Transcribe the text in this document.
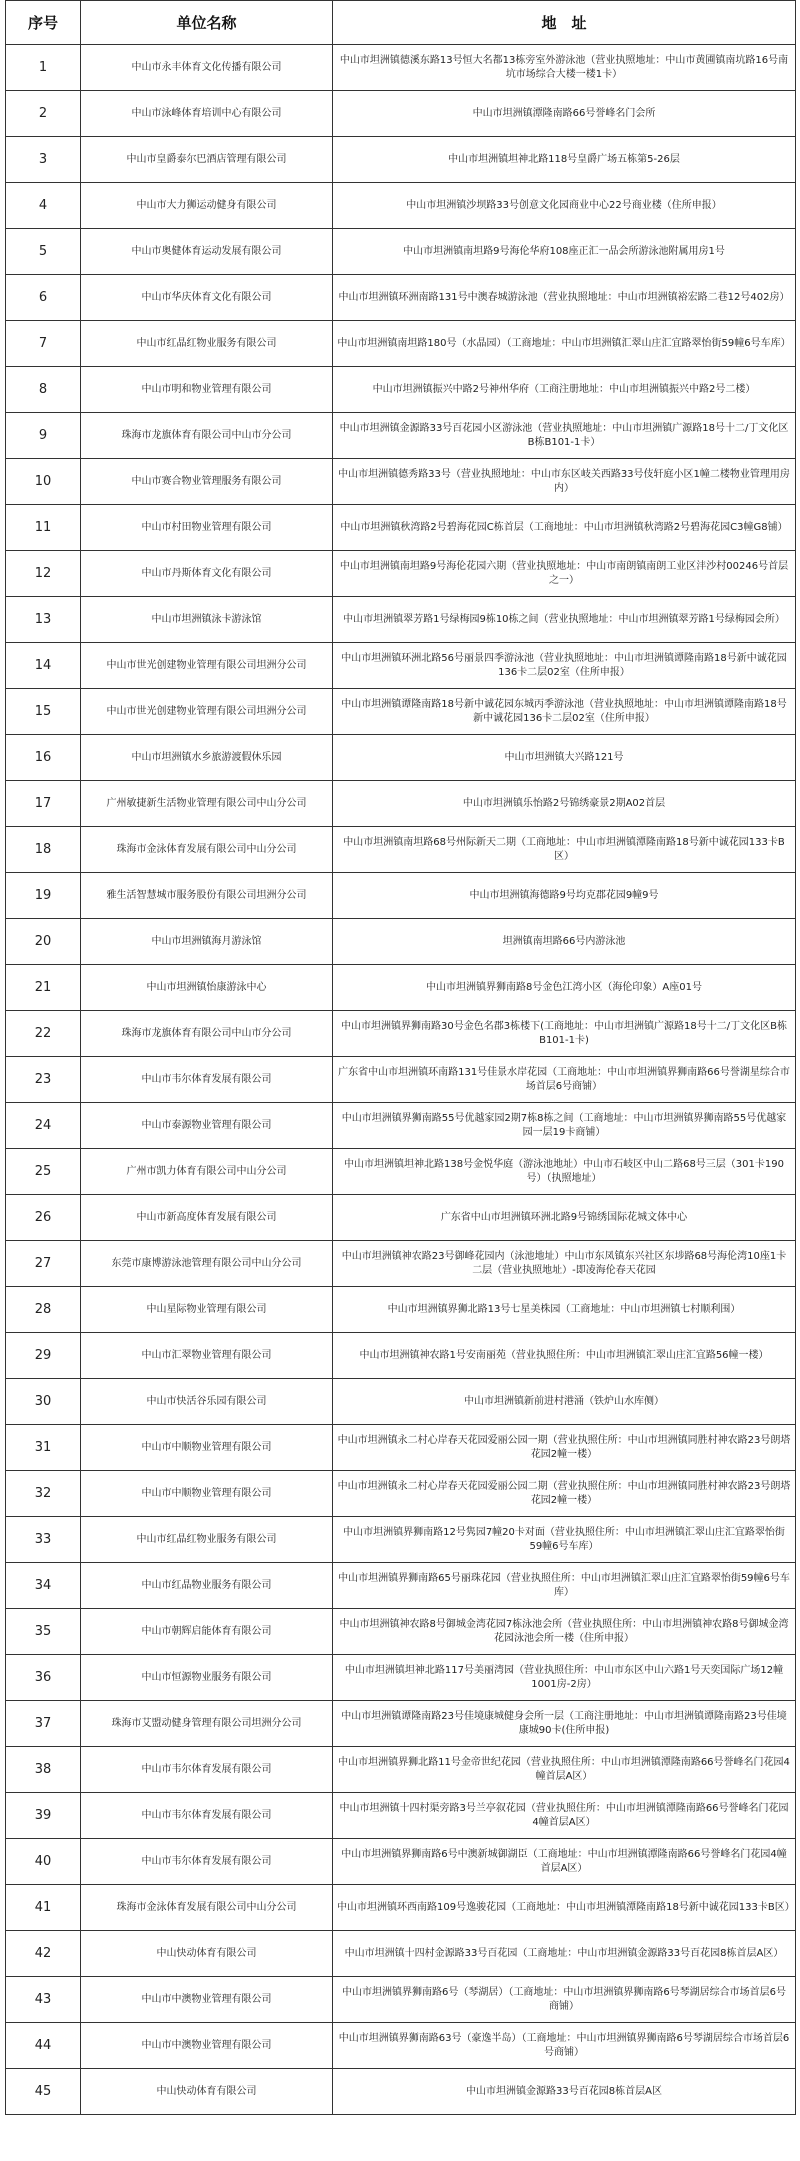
序号	单位名称	地　址
1	中山市永丰体育文化传播有限公司	中山市坦洲镇德溪东路13号恒大名都13栋旁室外游泳池（营业执照地址：中山市黄圃镇南坑路16号南坑市场综合大楼一楼1卡）
2	中山市泳峰体育培训中心有限公司	中山市坦洲镇潭隆南路66号誉峰名门会所
3	中山市皇爵泰尔巴酒店管理有限公司	中山市坦洲镇坦神北路118号皇爵广场五栋第5-26层
4	中山市大力狮运动健身有限公司	中山市坦洲镇沙坝路33号创意文化园商业中心22号商业楼（住所申报）
5	中山市奥健体育运动发展有限公司	中山市坦洲镇南坦路9号海伦华府108座正汇一品会所游泳池附属用房1号
6	中山市华庆体育文化有限公司	中山市坦洲镇环洲南路131号中澳春城游泳池（营业执照地址：中山市坦洲镇裕宏路二巷12号402房）
7	中山市红晶红物业服务有限公司	中山市坦洲镇南坦路180号（水晶园）（工商地址：中山市坦洲镇汇翠山庄汇宜路翠怡街59幢6号车库）
8	中山市明和物业管理有限公司	中山市坦洲镇振兴中路2号神州华府（工商注册地址：中山市坦洲镇振兴中路2号二楼）
9	珠海市龙旗体育有限公司中山市分公司	中山市坦洲镇金源路33号百花园小区游泳池（营业执照地址：中山市坦洲镇广源路18号十二/丁文化区B栋B101-1卡）
10	中山市赛合物业管理服务有限公司	中山市坦洲镇德秀路33号（营业执照地址：中山市东区岐关西路33号伎轩庭小区1幢二楼物业管理用房内）
11	中山市村田物业管理有限公司	中山市坦洲镇秋湾路2号碧海花园C栋首层（工商地址：中山市坦洲镇秋湾路2号碧海花园C3幢G8铺）
12	中山市丹斯体育文化有限公司	中山市坦洲镇南坦路9号海伦花园六期（营业执照地址：中山市南朗镇南朗工业区沣沙村00246号首层之一）
13	中山市坦洲镇泳卡游泳馆	中山市坦洲镇翠芳路1号绿梅园9栋10栋之间（营业执照地址：中山市坦洲镇翠芳路1号绿梅园会所）
14	中山市世光创建物业管理有限公司坦洲分公司	中山市坦洲镇环洲北路56号丽景四季游泳池（营业执照地址：中山市坦洲镇谭隆南路18号新中诚花园136卡二层02室（住所申报）
15	中山市世光创建物业管理有限公司坦洲分公司	中山市坦洲镇谭隆南路18号新中诚花园东城丙季游泳池（营业执照地址：中山市坦洲镇谭隆南路18号新中诚花园136卡二层02室（住所申报）
16	中山市坦洲镇水乡旅游渡假休乐园	中山市坦洲镇大兴路121号
17	广州敏捷新生活物业管理有限公司中山分公司	中山市坦洲镇乐怡路2号锦绣豪景2期A02首层
18	珠海市金泳体育发展有限公司中山分公司	中山市坦洲镇南坦路68号州际新天二期（工商地址：中山市坦洲镇潭隆南路18号新中诚花园133卡B区）
19	雅生活智慧城市服务股份有限公司坦洲分公司	中山市坦洲镇海德路9号均克郡花园9幢9号
20	中山市坦洲镇海月游泳馆	坦洲镇南坦路66号内游泳池
21	中山市坦洲镇怡康游泳中心	中山市坦洲镇界狮南路8号金色江湾小区（海伦印象）A座01号
22	珠海市龙旗体育有限公司中山市分公司	中山市坦洲镇界狮南路30号金色名郡3栋楼下(工商地址：中山市坦洲镇广源路18号十二/丁文化区B栋B101-1卡)
23	中山市韦尔体育发展有限公司	广东省中山市坦洲镇环南路131号佳景水岸花园（工商地址：中山市坦洲镇界狮南路66号誉湖星综合市场首层6号商铺）
24	中山市泰源物业管理有限公司	中山市坦洲镇界狮南路55号优越家园2期7栋8栋之间（工商地址：中山市坦洲镇界狮南路55号优越家园一层19卡商铺）
25	广州市凯力体育有限公司中山分公司	中山市坦洲镇坦神北路138号金悦华庭（游泳池地址）中山市石岐区中山二路68号三层（301卡190号）（执照地址）
26	中山市新高度体育发展有限公司	广东省中山市坦洲镇环洲北路9号锦绣国际花城文体中心
27	东莞市康博游泳池管理有限公司中山分公司	中山市坦洲镇神农路23号御峰花园内（泳池地址）中山市东凤镇东兴社区东埗路68号海伦湾10座1卡二层（营业执照地址）-即凌海伦春天花园
28	中山星际物业管理有限公司	中山市坦洲镇界狮北路13号七星美株园（工商地址：中山市坦洲镇七村顺利围）
29	中山市汇翠物业管理有限公司	中山市坦洲镇神农路1号安南丽苑（营业执照住所：中山市坦洲镇汇翠山庄汇宜路56幢一楼）
30	中山市快活谷乐园有限公司	中山市坦洲镇新前进村港涌（铁炉山水库侧）
31	中山市中顺物业管理有限公司	中山市坦洲镇永二村心岸春天花园爱丽公园一期（营业执照住所：中山市坦洲镇同胜村神农路23号朗塔花园2幢一楼）
32	中山市中顺物业管理有限公司	中山市坦洲镇永二村心岸春天花园爱丽公园二期（营业执照住所：中山市坦洲镇同胜村神农路23号朗塔花园2幢一楼）
33	中山市红晶红物业服务有限公司	中山市坦洲镇界狮南路12号隽园7幢20卡对面（营业执照住所：中山市坦洲镇汇翠山庄汇宜路翠怡街59幢6号车库）
34	中山市红晶物业服务有限公司	中山市坦洲镇界狮南路65号丽珠花园（营业执照住所：中山市坦洲镇汇翠山庄汇宜路翠怡街59幢6号车库）
35	中山市朝辉启能体育有限公司	中山市坦洲镇神农路8号御城金湾花园7栋泳池会所（营业执照住所：中山市坦洲镇神农路8号御城金湾花园泳池会所一楼（住所申报）
36	中山市恒源物业服务有限公司	中山市坦洲镇坦神北路117号美丽湾园（营业执照住所：中山市东区中山六路1号天奕国际广场12幢1001房-2房）
37	珠海市艾盟动健身管理有限公司坦洲分公司	中山市坦洲镇谭隆南路23号佳境康城健身会所一层（工商注册地址：中山市坦洲镇谭隆南路23号佳境康城90卡(住所申报)
38	中山市韦尔体育发展有限公司	中山市坦洲镇界狮北路11号金帝世纪花园（营业执照住所：中山市坦洲镇潭隆南路66号誉峰名门花园4幢首层A区）
39	中山市韦尔体育发展有限公司	中山市坦洲镇十四村渠旁路3号兰亭叙花园（营业执照住所：中山市坦洲镇潭隆南路66号誉峰名门花园4幢首层A区）
40	中山市韦尔体育发展有限公司	中山市坦洲镇界狮南路6号中澳新城御湖臣（工商地址：中山市坦洲镇潭隆南路66号誉峰名门花园4幢首层A区）
41	珠海市金泳体育发展有限公司中山分公司	中山市坦洲镇环西南路109号逸骏花园（工商地址：中山市坦洲镇潭隆南路18号新中诚花园133卡B区）
42	中山快动体育有限公司	中山市坦洲镇十四村金源路33号百花园（工商地址：中山市坦洲镇金源路33号百花园8栋首层A区）
43	中山市中澳物业管理有限公司	中山市坦洲镇界狮南路6号（琴湖居）（工商地址：中山市坦洲镇界狮南路6号琴湖居综合市场首层6号商铺）
44	中山市中澳物业管理有限公司	中山市坦洲镇界狮南路63号（豪逸半岛）（工商地址：中山市坦洲镇界狮南路6号琴湖居综合市场首层6号商铺）
45	中山快动体育有限公司	中山市坦洲镇金源路33号百花园8栋首层A区
